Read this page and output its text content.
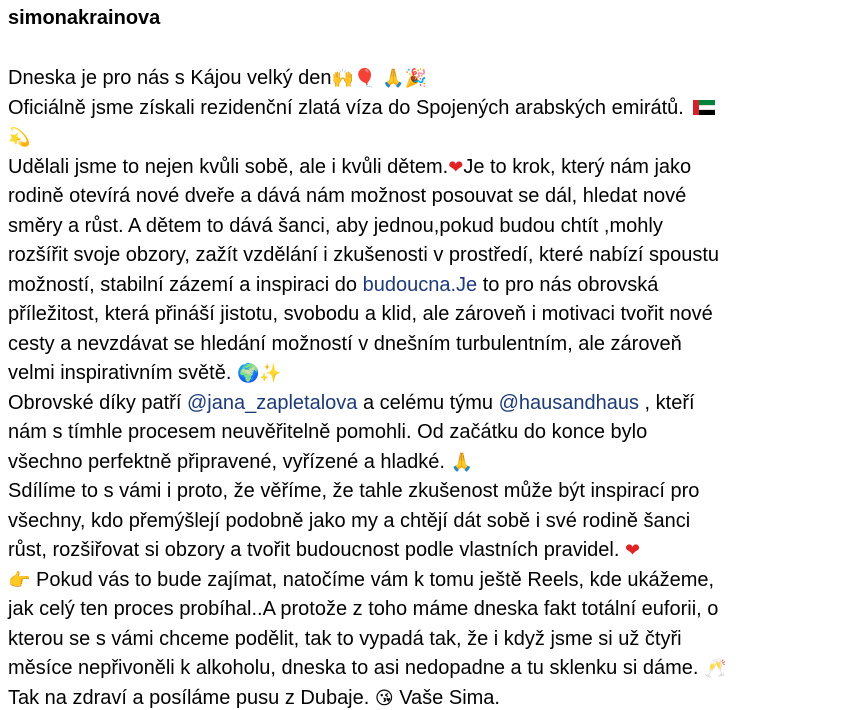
simonakrainova
Dneska je pro nás s Kájou velký den🙌🎈 🙏🎉
Oficiálně jsme získali rezidenční zlatá víza do Spojených arabských emirátů.
💫
Udělali jsme to nejen kvůli sobě, ale i kvůli dětem.❤Je to krok, který nám jako
rodině otevírá nové dveře a dává nám možnost posouvat se dál, hledat nové
směry a růst. A dětem to dává šanci, aby jednou,pokud budou chtít ,mohly
rozšířit svoje obzory, zažít vzdělání i zkušenosti v prostředí, které nabízí spoustu
možností, stabilní zázemí a inspiraci do budoucna.Je to pro nás obrovská
příležitost, která přináší jistotu, svobodu a klid, ale zároveň i motivaci tvořit nové
cesty a nevzdávat se hledání možností v dnešním turbulentním, ale zároveň
velmi inspirativním světě. 🌍✨
Obrovské díky patří @jana_zapletalova a celému týmu @hausandhaus , kteří
nám s tímhle procesem neuvěřitelně pomohli. Od začátku do konce bylo
všechno perfektně připravené, vyřízené a hladké. 🙏
Sdílíme to s vámi i proto, že věříme, že tahle zkušenost může být inspirací pro
všechny, kdo přemýšlejí podobně jako my a chtějí dát sobě i své rodině šanci
růst, rozšiřovat si obzory a tvořit budoucnost podle vlastních pravidel. ❤
👉 Pokud vás to bude zajímat, natočíme vám k tomu ještě Reels, kde ukážeme,
jak celý ten proces probíhal..A protože z toho máme dneska fakt totální euforii, o
kterou se s vámi chceme podělit, tak to vypadá tak, že i když jsme si už čtyři
měsíce nepřivoněli k alkoholu, dneska to asi nedopadne a tu sklenku si dáme. 🥂
Tak na zdraví a posíláme pusu z Dubaje. 😘 Vaše Sima.
